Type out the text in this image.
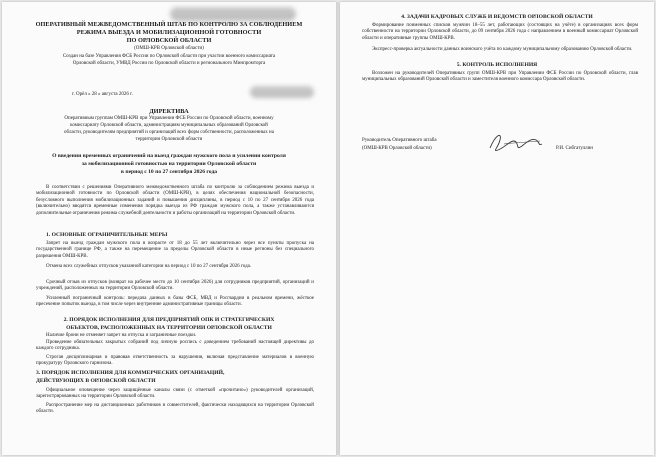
ОПЕРАТИВНЫЙ МЕЖВЕДОМСТВЕННЫЙ ШТАБ ПО КОНТРОЛЮ ЗА СОБЛЮДЕНИЕМ
РЕЖИМА ВЫЕЗДА И МОБИЛИЗАЦИОННОЙ ГОТОВНОСТИ
ПО ОРЛОВСКОЙ ОБЛАСТИ
(ОМШ-КРВ Орловской области)
Создан на базе Управления ФСБ России по Орловской области при участии военного комиссариата
Орловской области, УМВД России по Орловской области и регионального Минпромторга
г. Орёл « 28 » августа 2026 г.
ДИРЕКТИВА
Оперативным группам ОМШ-КРВ при Управлении ФСБ России по Орловской области, военному
комиссариату Орловской области, администрациям муниципальных образований Орловской
области, руководителям предприятий и организаций всех форм собственности, расположенных на
территории Орловской области
О введении временных ограничений на выезд граждан мужского пола и усилении контроля
за мобилизационной готовностью на территории Орловской области
в период с 10 по 27 сентября 2026 года
В соответствии с решениями Оперативного межведомственного штаба по контролю за соблюдением режима выезда и мобилизационной готовности по Орловской области (ОМШ-КРВ), в целях обеспечения национальной безопасности, безусловного выполнения мобилизационных заданий и повышения дисциплины, в период с 10 по 27 сентября 2026 года (включительно) вводятся временные изменения порядка выезда из РФ граждан мужского пола, а также устанавливаются дополнительные ограничения режима служебной деятельности и работы организаций на территории Орловской области.
1. ОСНОВНЫЕ ОГРАНИЧИТЕЛЬНЫЕ МЕРЫ
Запрет на выезд граждан мужского пола в возрасте от 18 до 55 лет включительно через все пункты пропуска на государственной границе РФ, а также на перемещение за пределы Орловской области в иные регионы без специального разрешения ОМШ-КРВ.
Отмена всех служебных отпусков указанной категории на период с 10 по 27 сентября 2026 года.
Срочный отзыв из отпусков (возврат на рабочее место до 10 сентября 2026) для сотрудников предприятий, организаций и учреждений, расположенных на территории Орловской области.
Усиленный пограничный контроль: передача данных в базы ФСБ, МВД и Росгвардии в реальном времени, жёсткое пресечение попыток выезда, в том числе через внутренние административные границы области.
2. ПОРЯДОК ИСПОЛНЕНИЯ ДЛЯ ПРЕДПРИЯТИЙ ОПК И СТРАТЕГИЧЕСКИХ
ОБЪЕКТОВ, РАСПОЛОЖЕННЫХ НА ТЕРРИТОРИИ ОРЛОВСКОЙ ОБЛАСТИ
Наличие брони не отменяет запрет на отпуска и заграничные поездки.
Проведение обязательных закрытых собраний под личную роспись с доведением требований настоящей директивы до каждого сотрудника.
Строгая дисциплинарная и правовая ответственность за нарушения, включая представление материалов в военную прокуратуру Орловского гарнизона.
3. ПОРЯДОК ИСПОЛНЕНИЯ ДЛЯ КОММЕРЧЕСКИХ ОРГАНИЗАЦИЙ,
ДЕЙСТВУЮЩИХ В ОРЛОВСКОЙ ОБЛАСТИ
Официальное оповещение через защищённые каналы связи (с отметкой «прочитано») руководителей организаций, зарегистрированных на территории Орловской области.
Распространение мер на дистанционных работников и совместителей, фактически находящихся на территории Орловской области.
4. ЗАДАЧИ КАДРОВЫХ СЛУЖБ И ВЕДОМСТВ ОРЛОВСКОЙ ОБЛАСТИ
Формирование поименных списков мужчин 18–55 лет, работающих (состоящих на учёте) в организациях всех форм собственности на территории Орловской области, до 09 сентября 2026 года с направлением в военный комиссариат Орловской области и оперативные группы ОМШ-КРВ.
Экспресс-проверка актуальности данных воинского учёта по каждому муниципальному образованию Орловской области.
5. КОНТРОЛЬ ИСПОЛНЕНИЯ
Возложен на руководителей Оперативных групп ОМШ-КРВ при Управлении ФСБ России по Орловской области, глав муниципальных образований Орловской области и заместителя военного комиссара Орловской области.
Руководитель Оперативного штаба
(ОМШ-КРВ Орловской области)	Р.И. Сибгатуллин
